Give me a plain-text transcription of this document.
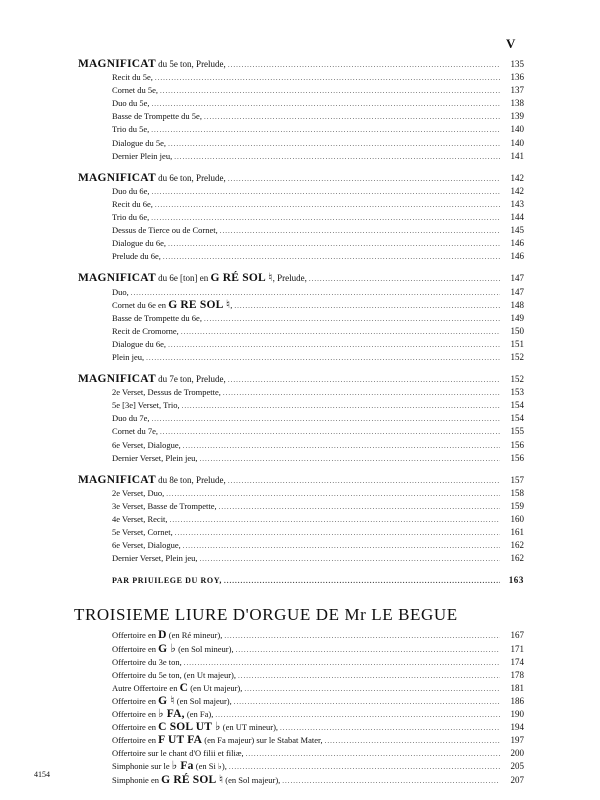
V
MAGNIFICAT du 5e ton, Prelude, .....	135
Recit du 5e, .....	136
Cornet du 5e, .....	137
Duo du 5e, .....	138
Basse de Trompette du 5e, .....	139
Trio du 5e, .....	140
Dialogue du 5e, .....	140
Dernier Plein jeu, .....	141
MAGNIFICAT du 6e ton, Prelude, .....	142
Duo du 6e, .....	142
Recit du 6e, .....	143
Trio du 6e, .....	144
Dessus de Tierce ou de Cornet, .....	145
Dialogue du 6e, .....	146
Prelude du 6e, .....	146
MAGNIFICAT du 6e [ton] en G RÉ SOL ♮, Prelude, .....	147
Duo, .....	147
Cornet du 6e en G RE SOL ♮, .....	148
Basse de Trompette du 6e, .....	149
Recit de Cromorne, .....	150
Dialogue du 6e, .....	151
Plein jeu, .....	152
MAGNIFICAT du 7e ton, Prelude, .....	152
2e Verset, Dessus de Trompette, .....	153
5e [3e] Verset, Trio, .....	154
Duo du 7e, .....	154
Cornet du 7e, .....	155
6e Verset, Dialogue, .....	156
Dernier Verset, Plein jeu, .....	156
MAGNIFICAT du 8e ton, Prelude, .....	157
2e Verset, Duo, .....	158
3e Verset, Basse de Trompette, .....	159
4e Verset, Recit, .....	160
5e Verset, Cornet, .....	161
6e Verset, Dialogue, .....	162
Dernier Verset, Plein jeu, .....	162
PAR PRIUILEGE DU ROY, .....	163
TROISIEME LIURE D'ORGUE DE Mr LE BEGUE
Offertoire en D (en Ré mineur), .....	167
Offertoire en G ♭ (en Sol mineur), .....	171
Offertoire du 3e ton, .....	174
Offertoire du 5e ton, (en Ut majeur), .....	178
Autre Offertoire en C (en Ut majeur), .....	181
Offertoire en G ♮ (en Sol majeur), .....	186
Offertoire en ♭ FA, (en Fa), .....	190
Offertoire en C SOL UT ♭ (en UT mineur), .....	194
Offertoire en F UT FA (en Fa majeur) sur le Stabat Mater, .....	197
Offertoire sur le chant d'O filii et filiæ, .....	200
Simphonie sur le ♭ Fa (en Si ♭), .....	205
Simphonie en G RÉ SOL ♮ (en Sol majeur), .....	207
4154
